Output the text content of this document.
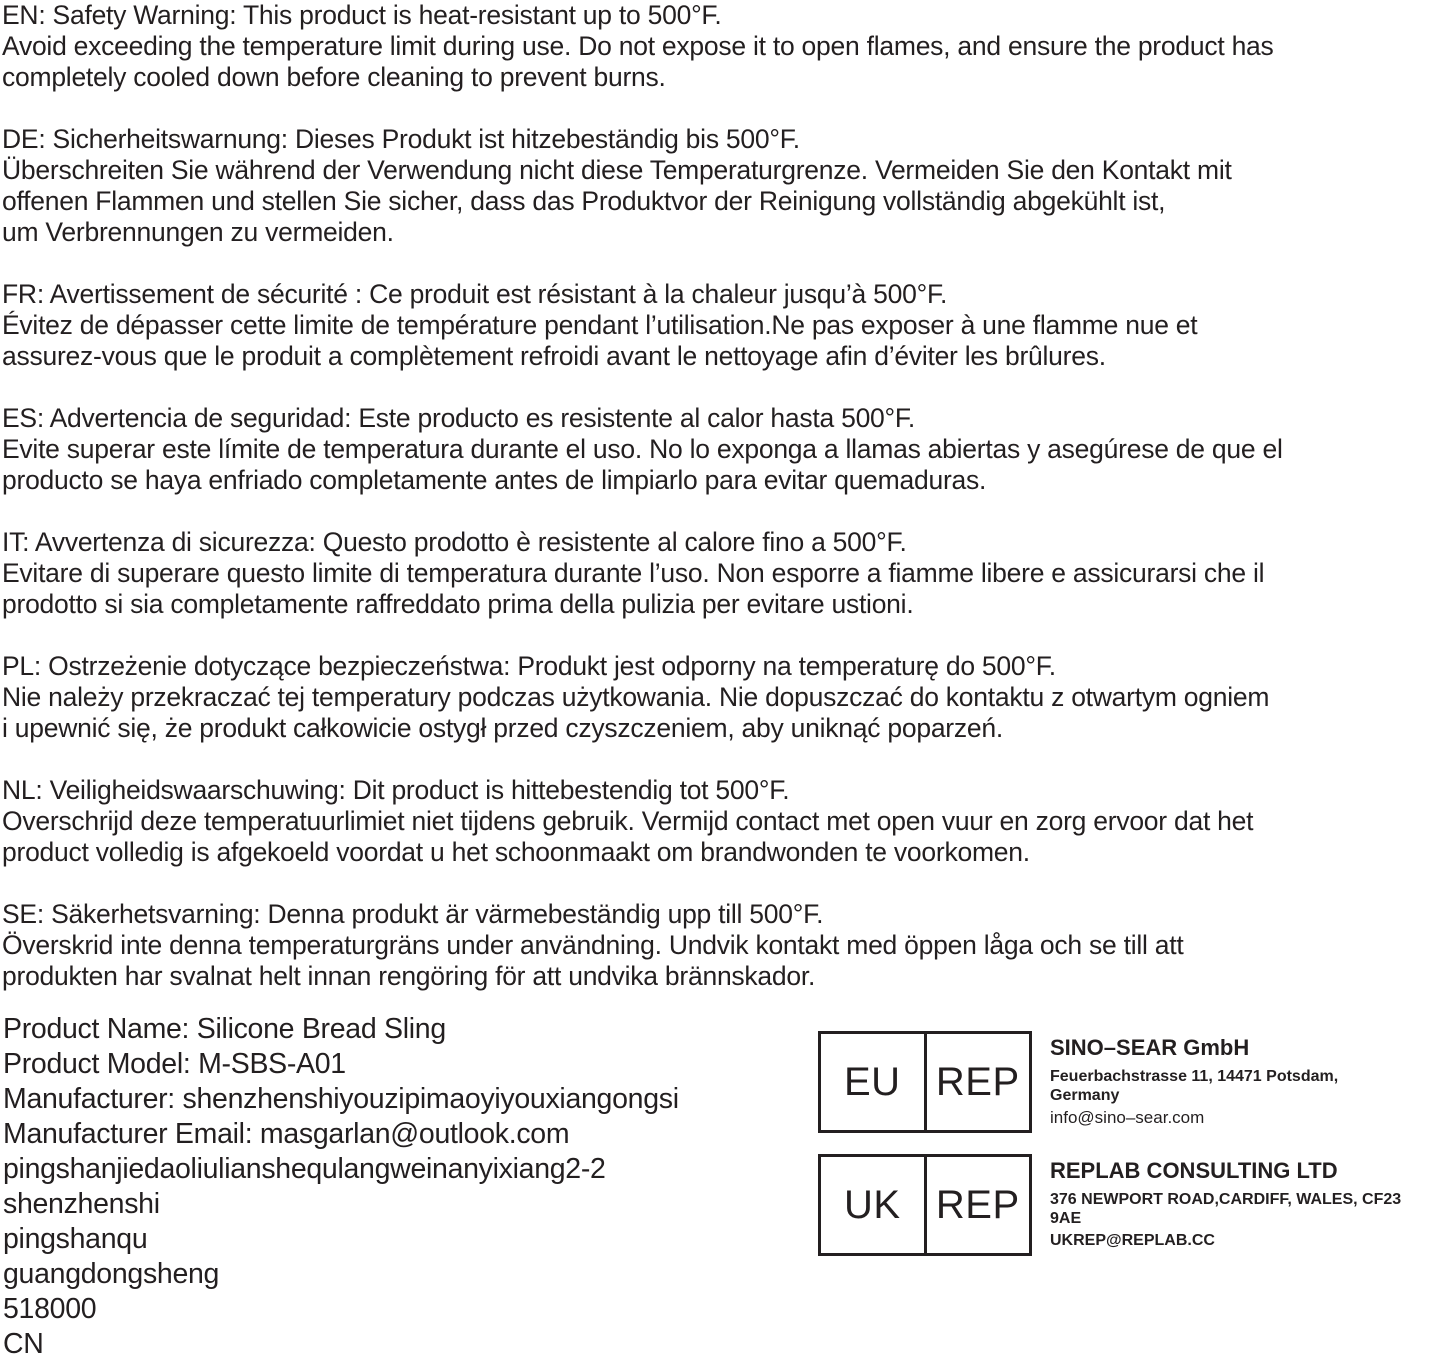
EN: Safety Warning: This product is heat-resistant up to 500°F.

Avoid exceeding the temperature limit during use. Do not expose it to open flames, and ensure the product has

completely cooled down before cleaning to prevent burns.

DE: Sicherheitswarnung: Dieses Produkt ist hitzebeständig bis 500°F.

Überschreiten Sie während der Verwendung nicht diese Temperaturgrenze. Vermeiden Sie den Kontakt mit

offenen Flammen und stellen Sie sicher, dass das Produktvor der Reinigung vollständig abgekühlt ist,

um Verbrennungen zu vermeiden.

FR: Avertissement de sécurité : Ce produit est résistant à la chaleur jusqu’à 500°F.

Évitez de dépasser cette limite de température pendant l’utilisation.Ne pas exposer à une flamme nue et

assurez-vous que le produit a complètement refroidi avant le nettoyage afin d’éviter les brûlures.

ES: Advertencia de seguridad: Este producto es resistente al calor hasta 500°F.

Evite superar este límite de temperatura durante el uso. No lo exponga a llamas abiertas y asegúrese de que el

producto se haya enfriado completamente antes de limpiarlo para evitar quemaduras.

IT: Avvertenza di sicurezza: Questo prodotto è resistente al calore fino a 500°F.

Evitare di superare questo limite di temperatura durante l’uso. Non esporre a fiamme libere e assicurarsi che il

prodotto si sia completamente raffreddato prima della pulizia per evitare ustioni.

PL: Ostrzeżenie dotyczące bezpieczeństwa: Produkt jest odporny na temperaturę do 500°F.

Nie należy przekraczać tej temperatury podczas użytkowania. Nie dopuszczać do kontaktu z otwartym ogniem

i upewnić się, że produkt całkowicie ostygł przed czyszczeniem, aby uniknąć poparzeń.

NL: Veiligheidswaarschuwing: Dit product is hittebestendig tot 500°F.

Overschrijd deze temperatuurlimiet niet tijdens gebruik. Vermijd contact met open vuur en zorg ervoor dat het

product volledig is afgekoeld voordat u het schoonmaakt om brandwonden te voorkomen.

SE: Säkerhetsvarning: Denna produkt är värmebeständig upp till 500°F.

Överskrid inte denna temperaturgräns under användning. Undvik kontakt med öppen låga och se till att

produkten har svalnat helt innan rengöring för att undvika brännskador.

Product Name: Silicone Bread Sling

Product Model: M-SBS-A01

Manufacturer: shenzhenshiyouzipimaoyiyouxiangongsi

Manufacturer Email: masgarlan@outlook.com

pingshanjiedaoliulianshequlangweinanyixiang2-2

shenzhenshi

pingshanqu

guangdongsheng

518000

CN

EU REP

SINO–SEAR GmbH

Feuerbachstrasse 11, 14471 Potsdam, Germany

info@sino–sear.com

UK REP

REPLAB CONSULTING LTD

376 NEWPORT ROAD,CARDIFF, WALES, CF23 9AE

UKREP@REPLAB.CC
